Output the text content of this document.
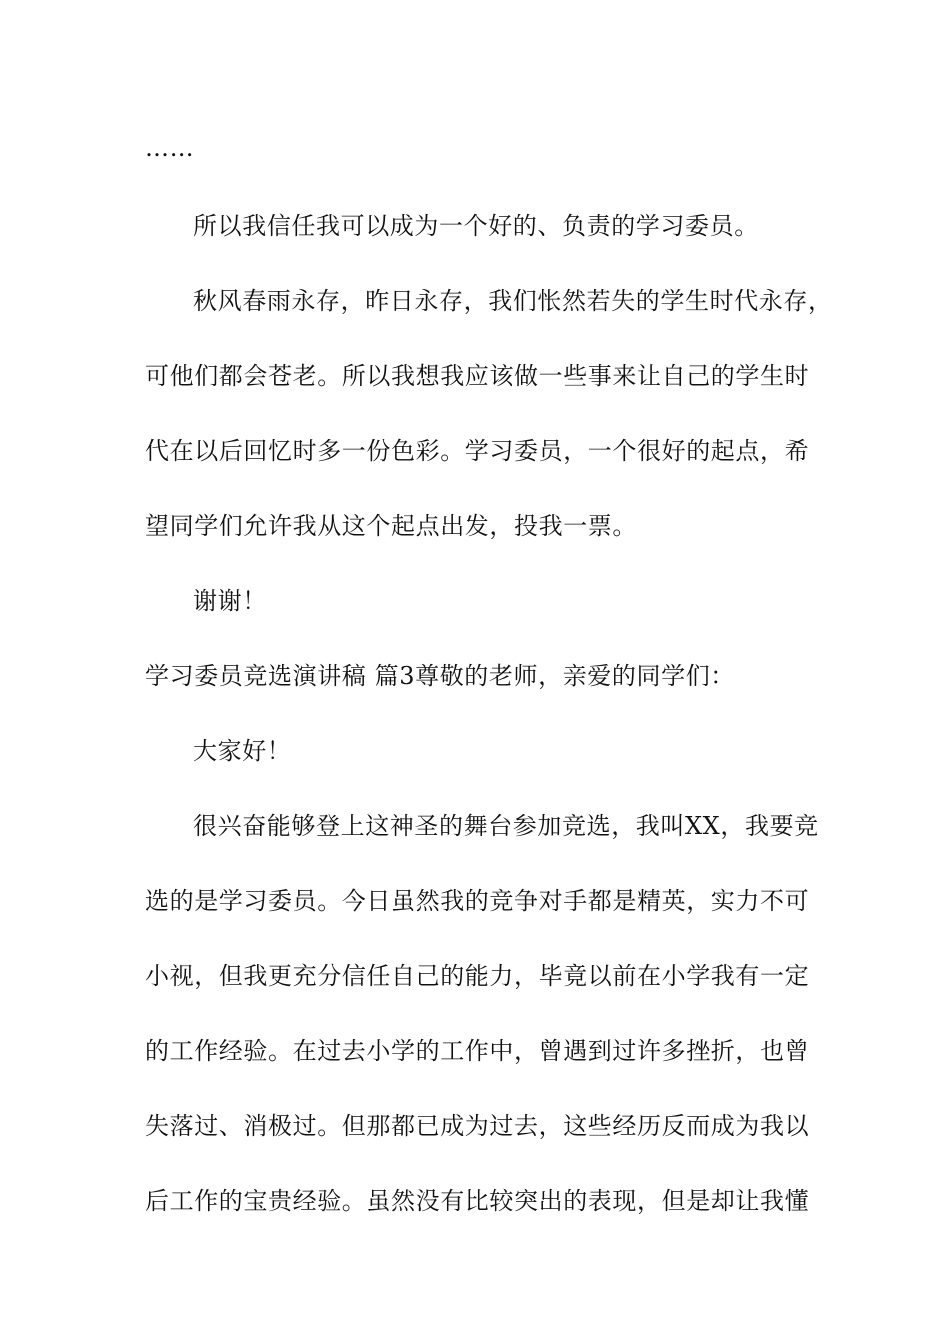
……
所以我信任我可以成为一个好的、负责的学习委员。
秋风春雨永存，昨日永存，我们怅然若失的学生时代永存，
可他们都会苍老。所以我想我应该做一些事来让自己的学生时
代在以后回忆时多一份色彩。学习委员，一个很好的起点，希
望同学们允许我从这个起点出发，投我一票。
谢谢！
学习委员竞选演讲稿 篇3尊敬的老师，亲爱的同学们：
大家好！
很兴奋能够登上这神圣的舞台参加竞选，我叫XX，我要竞
选的是学习委员。今日虽然我的竞争对手都是精英，实力不可
小视，但我更充分信任自己的能力，毕竟以前在小学我有一定
的工作经验。在过去小学的工作中，曾遇到过许多挫折，也曾
失落过、消极过。但那都已成为过去，这些经历反而成为我以
后工作的宝贵经验。虽然没有比较突出的表现，但是却让我懂
